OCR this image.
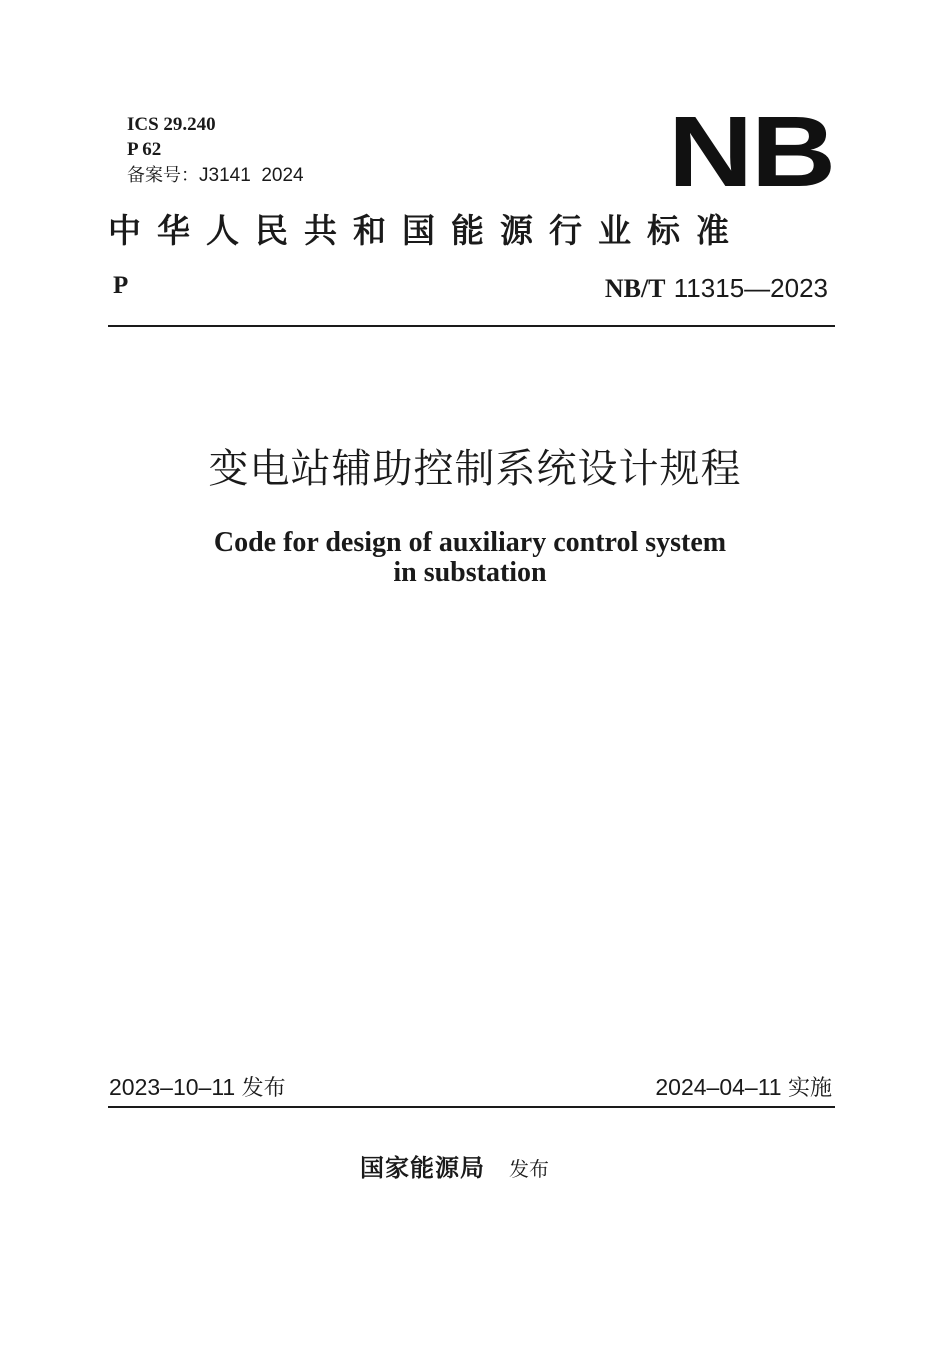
ICS 29.240
P 62
备案号：J3141  2024	NB
中华人民共和国能源行业标准
P	NB/T 11315—2023
变电站辅助控制系统设计规程
Code for design of auxiliary control system
in substation
2023–10–11 发布	2024–04–11 实施
国家能源局 发布
